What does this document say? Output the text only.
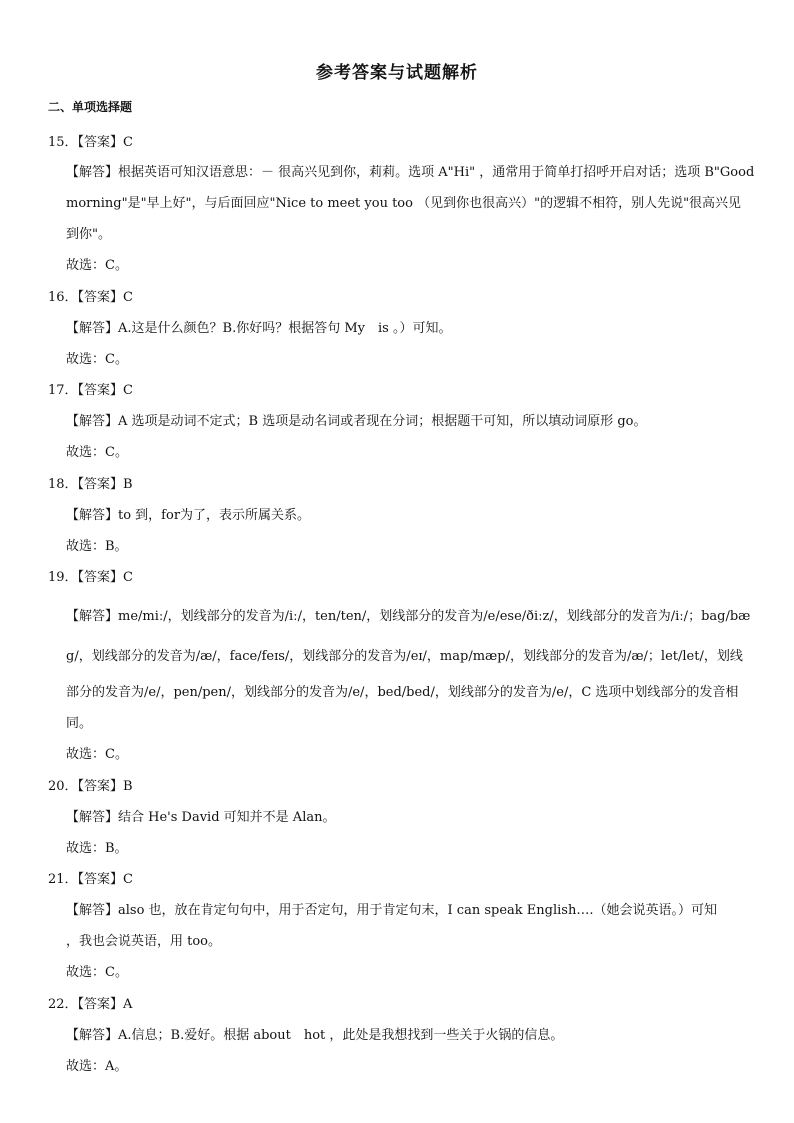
参考答案与试题解析
二、单项选择题
15．【答案】C
【解答】根据英语可知汉语意思：－ 很高兴见到你，莉莉。选项 A"Hi" ，通常用于简单打招呼开启对话；选项 B"Good
morning"是"早上好"，与后面回应"Nice to meet you too （见到你也很高兴）"的逻辑不相符，别人先说"很高兴见
到你"。
故选：C。
16．【答案】C
【解答】A.这是什么颜色？B.你好吗？根据答句 My　is 。）可知。
故选：C。
17．【答案】C
【解答】A 选项是动词不定式；B 选项是动名词或者现在分词；根据题干可知，所以填动词原形 go。
故选：C。
18．【答案】B
【解答】to 到，for为了，表示所属关系。
故选：B。
19．【答案】C
【解答】me/miː/，划线部分的发音为/iː/，ten/ten/，划线部分的发音为/e/ese/ðiːz/，划线部分的发音为/iː/；bag/bæ
g/，划线部分的发音为/æ/，face/feɪs/，划线部分的发音为/eɪ/，map/mæp/，划线部分的发音为/æ/；let/let/，划线
部分的发音为/e/，pen/pen/，划线部分的发音为/e/，bed/bed/，划线部分的发音为/e/，C 选项中划线部分的发音相
同。
故选：C。
20．【答案】B
【解答】结合 He's David 可知并不是 Alan。
故选：B。
21．【答案】C
【解答】also 也，放在肯定句句中，用于否定句，用于肯定句末，I can speak English….（她会说英语。）可知
，我也会说英语，用 too。
故选：C。
22．【答案】A
【解答】A.信息；B.爱好。根据 about　hot ，此处是我想找到一些关于火锅的信息。
故选：A。
